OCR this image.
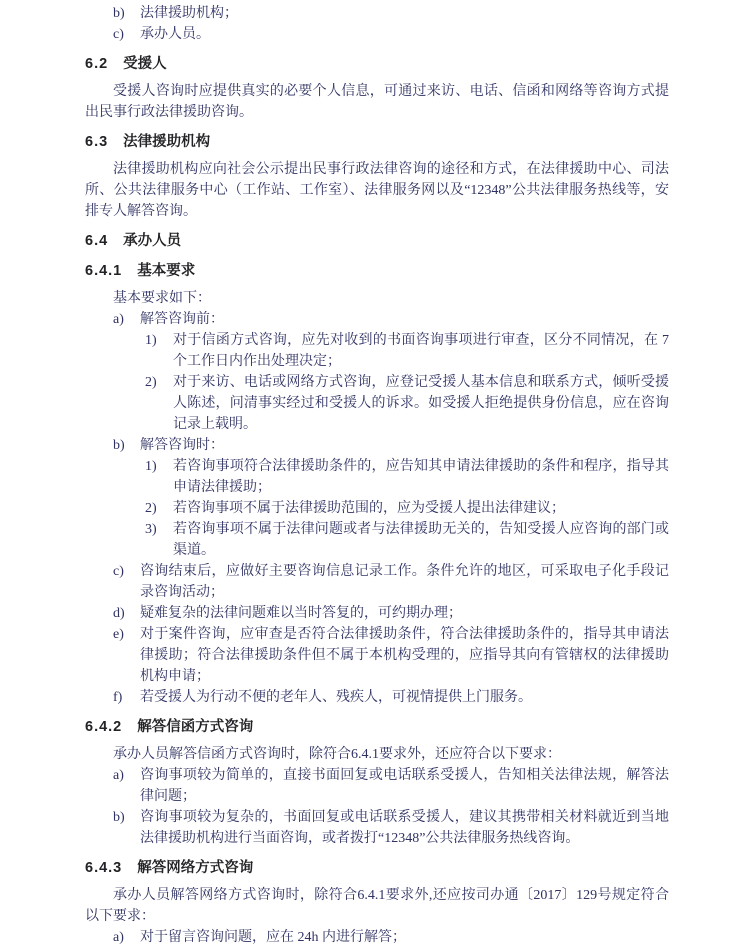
b) 法律援助机构；
c) 承办人员。
6.2 受援人

受援人咨询时应提供真实的必要个人信息，可通过来访、电话、信函和网络等咨询方式提出民事行政法律援助咨询。

6.3 法律援助机构

法律援助机构应向社会公示提出民事行政法律咨询的途径和方式，在法律援助中心、司法所、公共法律服务中心（工作站、工作室）、法律服务网以及“12348”公共法律服务热线等，安排专人解答咨询。

6.4 承办人员
6.4.1 基本要求

基本要求如下：

a) 解答咨询前：
1) 对于信函方式咨询，应先对收到的书面咨询事项进行审查，区分不同情况，在 7 个工作日内作出处理决定；
2) 对于来访、电话或网络方式咨询，应登记受援人基本信息和联系方式，倾听受援人陈述，问清事实经过和受援人的诉求。如受援人拒绝提供身份信息，应在咨询记录上载明。
b) 解答咨询时：
1) 若咨询事项符合法律援助条件的，应告知其申请法律援助的条件和程序，指导其申请法律援助；
2) 若咨询事项不属于法律援助范围的，应为受援人提出法律建议；
3) 若咨询事项不属于法律问题或者与法律援助无关的，告知受援人应咨询的部门或渠道。
c) 咨询结束后，应做好主要咨询信息记录工作。条件允许的地区，可采取电子化手段记录咨询活动；
d) 疑难复杂的法律问题难以当时答复的，可约期办理；
e) 对于案件咨询，应审查是否符合法律援助条件，符合法律援助条件的，指导其申请法律援助；符合法律援助条件但不属于本机构受理的，应指导其向有管辖权的法律援助机构申请；
f) 若受援人为行动不便的老年人、残疾人，可视情提供上门服务。
6.4.2 解答信函方式咨询

承办人员解答信函方式咨询时，除符合6.4.1要求外，还应符合以下要求：

a) 咨询事项较为简单的，直接书面回复或电话联系受援人，告知相关法律法规，解答法律问题；
b) 咨询事项较为复杂的，书面回复或电话联系受援人，建议其携带相关材料就近到当地法律援助机构进行当面咨询，或者拨打“12348”公共法律服务热线咨询。
6.4.3 解答网络方式咨询

承办人员解答网络方式咨询时，除符合6.4.1要求外,还应按司办通〔2017〕129号规定符合以下要求：

a) 对于留言咨询问题，应在 24h 内进行解答；
